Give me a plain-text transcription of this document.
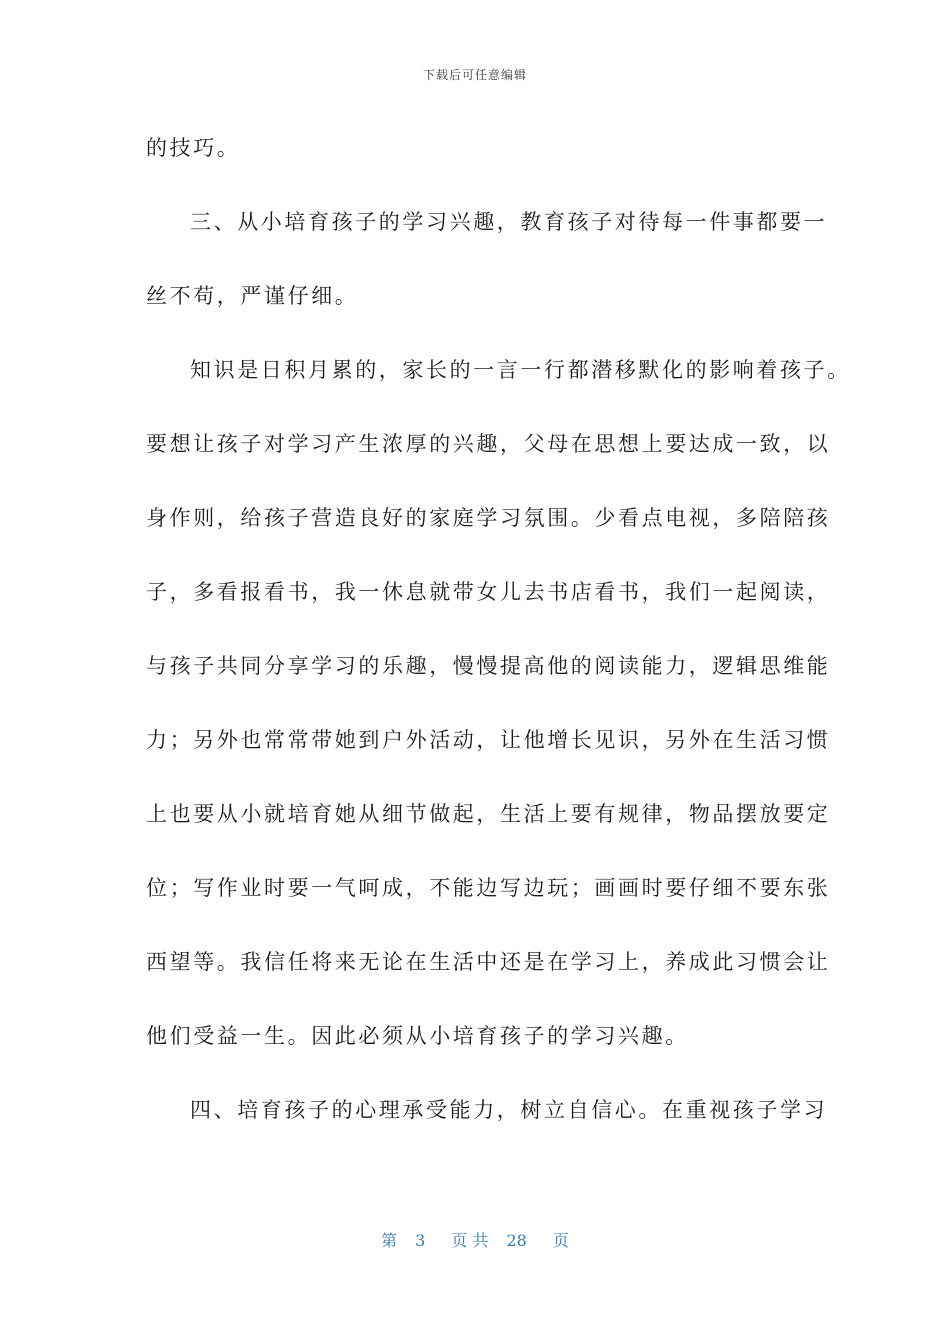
下载后可任意编辑
的技巧。
三、从小培育孩子的学习兴趣，教育孩子对待每一件事都要一
丝不苟，严谨仔细。
知识是日积月累的，家长的一言一行都潜移默化的影响着孩子。
要想让孩子对学习产生浓厚的兴趣，父母在思想上要达成一致，以
身作则，给孩子营造良好的家庭学习氛围。少看点电视，多陪陪孩
子，多看报看书，我一休息就带女儿去书店看书，我们一起阅读，
与孩子共同分享学习的乐趣，慢慢提高他的阅读能力，逻辑思维能
力；另外也常常带她到户外活动，让他增长见识，另外在生活习惯
上也要从小就培育她从细节做起，生活上要有规律，物品摆放要定
位；写作业时要一气呵成，不能边写边玩；画画时要仔细不要东张
西望等。我信任将来无论在生活中还是在学习上，养成此习惯会让
他们受益一生。因此必须从小培育孩子的学习兴趣。
四、培育孩子的心理承受能力，树立自信心。在重视孩子学习
第 3 页 共 28 页
